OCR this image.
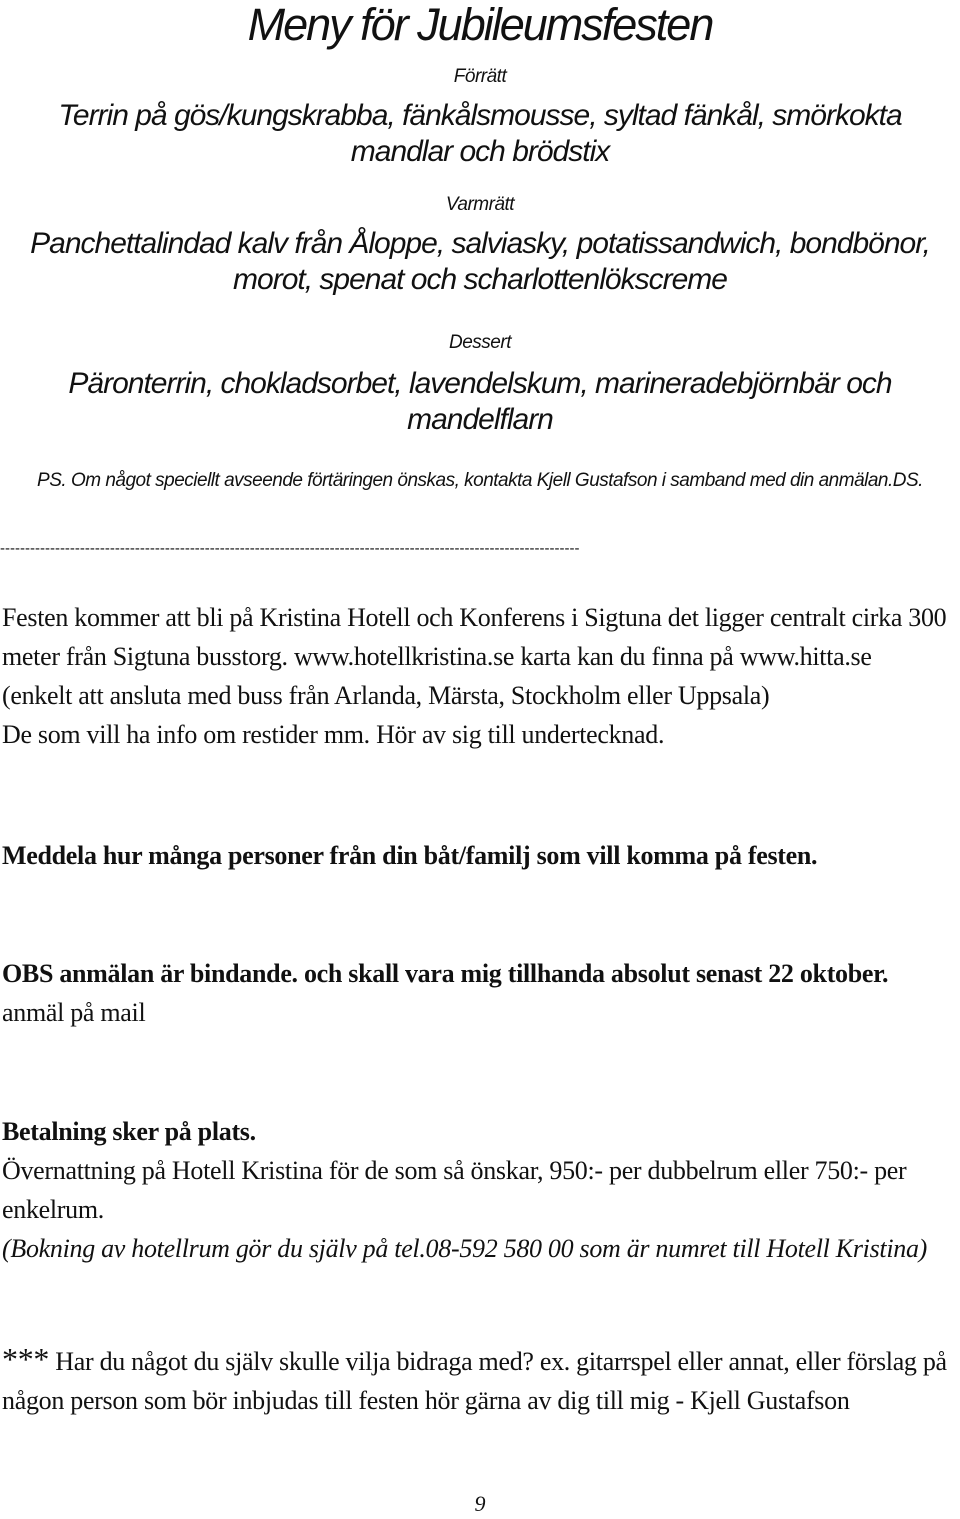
Meny för Jubileumsfesten
Förrätt
Terrin på gös/kungskrabba, fänkålsmousse, syltad fänkål, smörkokta mandlar och brödstix
Varmrätt
Panchettalindad kalv från Åloppe, salviasky, potatissandwich, bondbönor, morot, spenat och scharlottenlökscreme
Dessert
Päronterrin, chokladsorbet, lavendelskum, marineradebjörnbär och mandelflarn
PS. Om något speciellt avseende förtäringen önskas, kontakta Kjell Gustafson i samband med din anmälan.DS.
--------------------------------------------------------------------------------------------------------------------

Festen kommer att bli på Kristina Hotell och Konferens i Sigtuna det ligger centralt cirka 300 meter från Sigtuna busstorg. www.hotellkristina.se karta kan du finna på www.hitta.se

(enkelt att ansluta med buss från Arlanda, Märsta, Stockholm eller Uppsala)

De som vill ha info om restider mm. Hör av sig till undertecknad.

Meddela hur många personer från din båt/familj som vill komma på festen.

OBS anmälan är bindande. och skall vara mig tillhanda absolut senast 22 oktober.

anmäl på mail

Betalning sker på plats.

Övernattning på Hotell Kristina för de som så önskar, 950:- per dubbelrum eller 750:- per enkelrum.

(Bokning av hotellrum gör du själv på tel.08-592 580 00 som är numret till Hotell Kristina)

*** Har du något du själv skulle vilja bidraga med? ex. gitarrspel eller annat, eller förslag på någon person som bör inbjudas till festen hör gärna av dig till mig - Kjell Gustafson

9
